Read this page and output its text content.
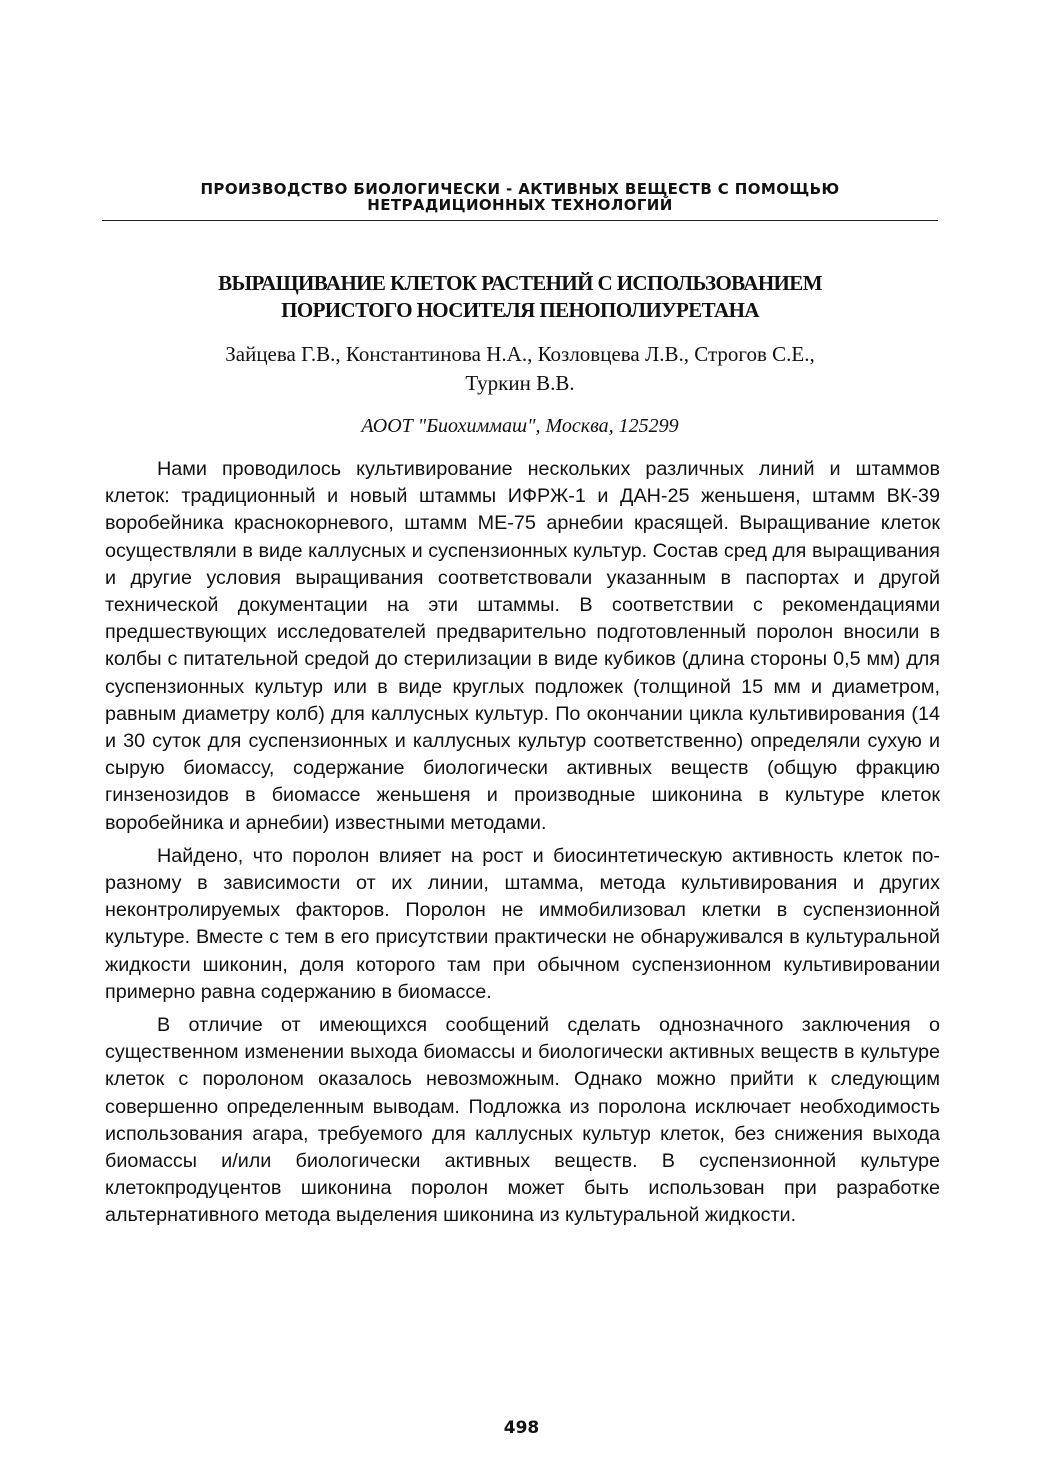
ПРОИЗВОДСТВО БИОЛОГИЧЕСКИ - АКТИВНЫХ ВЕЩЕСТВ С ПОМОЩЬЮ
НЕТРАДИЦИОННЫХ ТЕХНОЛОГИЙ
ВЫРАЩИВАНИЕ КЛЕТОК РАСТЕНИЙ С ИСПОЛЬЗОВАНИЕМ
ПОРИСТОГО НОСИТЕЛЯ ПЕНОПОЛИУРЕТАНА
Зайцева Г.В., Константинова Н.А., Козловцева Л.В., Строгов С.Е.,
Туркин В.В.
АООТ "Биохиммаш", Москва, 125299

Нами проводилось культивирование нескольких различных линий и штаммов клеток: традиционный и новый штаммы ИФРЖ-1 и ДАН-25 женьшеня, штамм ВК-39 воробейника краснокорневого, штамм МЕ-75 арнебии красящей. Выращивание клеток осуществляли в виде каллусных и суспензионных культур. Состав сред для выращивания и другие условия выращивания соответствовали указанным в паспортах и другой технической документации на эти штаммы. В соответствии с рекомендациями предшествующих исследователей предварительно подготовленный поролон вносили в колбы с питательной средой до стерилизации в виде кубиков (длина стороны 0,5 мм) для суспензионных культур или в виде круглых подложек (толщиной 15 мм и диаметром, равным диаметру колб) для каллусных культур. По окончании цикла культивирования (14 и 30 суток для суспензионных и каллусных культур соответственно) определяли сухую и сырую биомассу, содержание биологически активных веществ (общую фракцию гинзенозидов в биомассе женьшеня и производные шиконина в культуре клеток воробейника и арнебии) известными методами.

Найдено, что поролон влияет на рост и биосинтетическую активность клеток по-разному в зависимости от их линии, штамма, метода культивирования и других неконтролируемых факторов. Поролон не иммобилизовал клетки в суспензионной культуре. Вместе с тем в его присутствии практически не обнаруживался в культуральной жидкости шиконин, доля которого там при обычном суспензионном культивировании примерно равна содержанию в биомассе.

В отличие от имеющихся сообщений сделать однозначного заключения о существенном изменении выхода биомассы и биологически активных веществ в культуре клеток с поролоном оказалось невозможным. Однако можно прийти к следующим совершенно определенным выводам. Подложка из поролона исключает необходимость использования агара, требуемого для каллусных культур клеток, без снижения выхода биомассы и/или биологически активных веществ. В суспензионной культуре клетокпродуцентов шиконина поролон может быть использован при разработке альтернативного метода выделения шиконина из культуральной жидкости.

498
